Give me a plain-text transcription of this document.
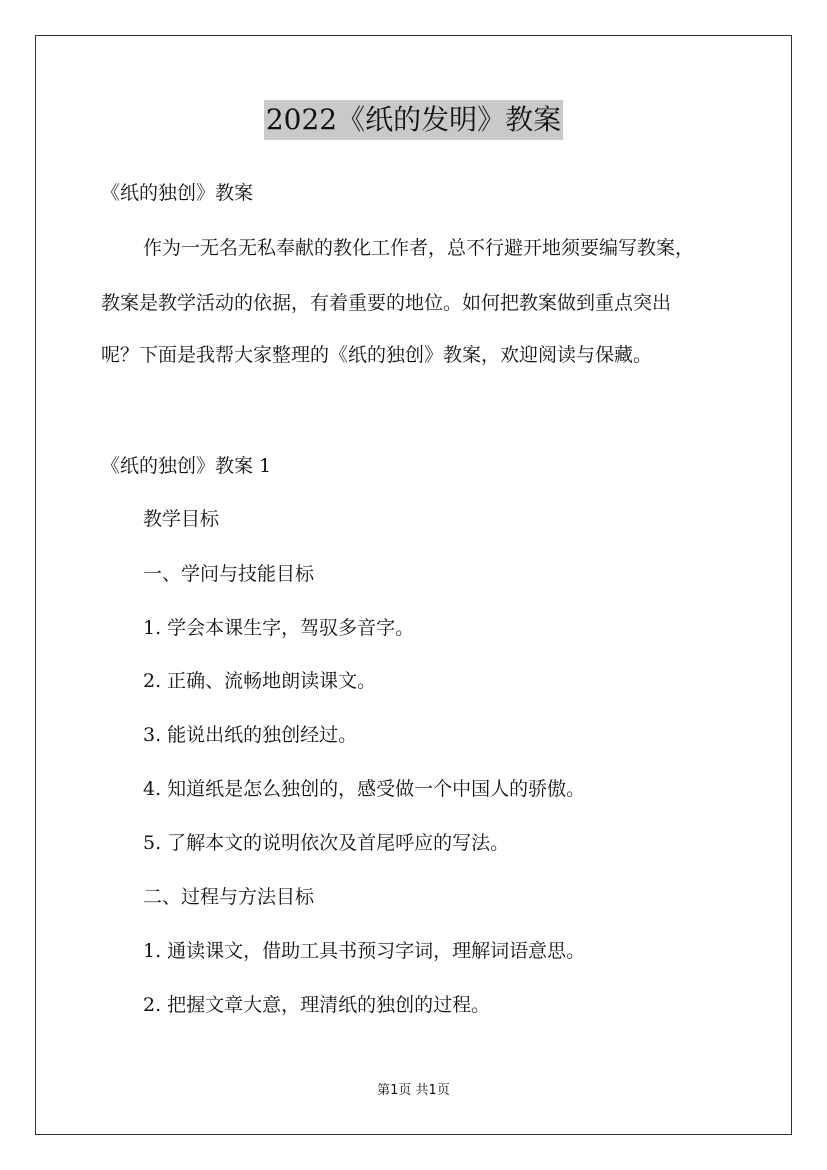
2022《纸的发明》教案
《纸的独创》教案
作为一无名无私奉献的教化工作者，总不行避开地须要编写教案，
教案是教学活动的依据，有着重要的地位。如何把教案做到重点突出
呢？下面是我帮大家整理的《纸的独创》教案，欢迎阅读与保藏。
《纸的独创》教案 1
教学目标
一、学问与技能目标
1. 学会本课生字，驾驭多音字。
2. 正确、流畅地朗读课文。
3. 能说出纸的独创经过。
4. 知道纸是怎么独创的，感受做一个中国人的骄傲。
5. 了解本文的说明依次及首尾呼应的写法。
二、过程与方法目标
1. 通读课文，借助工具书预习字词，理解词语意思。
2. 把握文章大意，理清纸的独创的过程。
第1页 共1页
